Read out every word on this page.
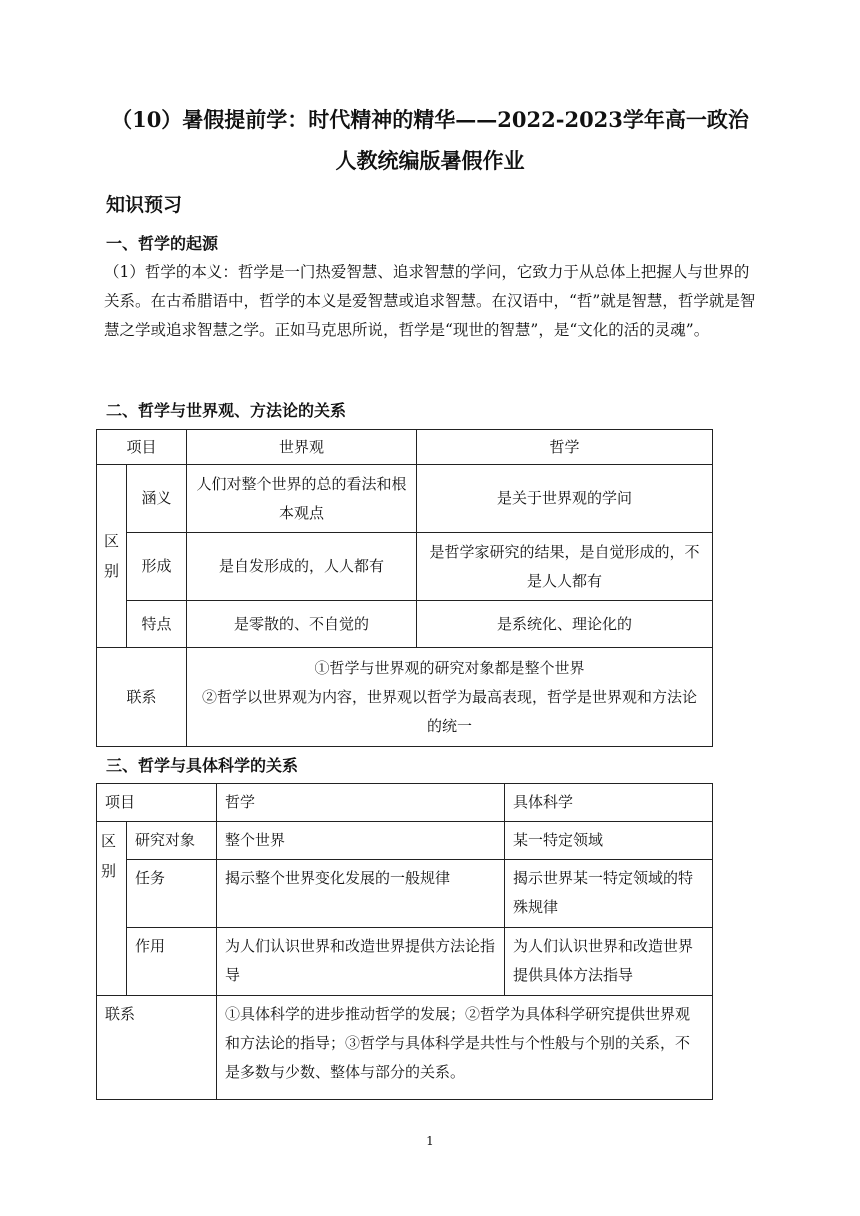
（10）暑假提前学：时代精神的精华——2022-2023学年高一政治
人教统编版暑假作业
知识预习
一、哲学的起源
（1）哲学的本义：哲学是一门热爱智慧、追求智慧的学问，它致力于从总体上把握人与世界的关系。在古希腊语中，哲学的本义是爱智慧或追求智慧。在汉语中，“哲”就是智慧，哲学就是智慧之学或追求智慧之学。正如马克思所说，哲学是“现世的智慧”，是“文化的活的灵魂”。
二、哲学与世界观、方法论的关系
项目		世界观	哲学
区别	涵义	人们对整个世界的总的看法和根本观点	是关于世界观的学问
	形成	是自发形成的，人人都有	是哲学家研究的结果，是自觉形成的，不是人人都有
	特点	是零散的、不自觉的	是系统化、理论化的
联系		①哲学与世界观的研究对象都是整个世界
②哲学以世界观为内容，世界观以哲学为最高表现，哲学是世界观和方法论的统一	
三、哲学与具体科学的关系
项目		哲学	具体科学
区别	研究对象	整个世界	某一特定领域
	任务	揭示整个世界变化发展的一般规律	揭示世界某一特定领域的特殊规律
	作用	为人们认识世界和改造世界提供方法论指导	为人们认识世界和改造世界提供具体方法指导
联系		①具体科学的进步推动哲学的发展；②哲学为具体科学研究提供世界观和方法论的指导；③哲学与具体科学是共性与个性般与个别的关系，不是多数与少数、整体与部分的关系。	
1
